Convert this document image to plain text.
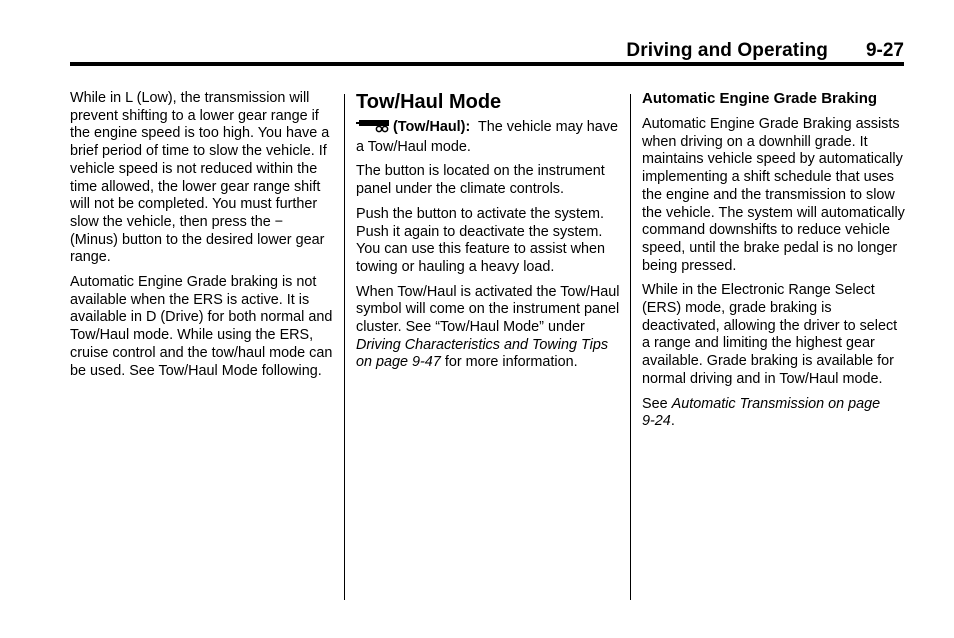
Driving and Operating 9-27

While in L (Low), the transmission will prevent shifting to a lower gear range if the engine speed is too high. You have a brief period of time to slow the vehicle. If vehicle speed is not reduced within the time allowed, the lower gear range shift will not be completed. You must further slow the vehicle, then press the − (Minus) button to the desired lower gear range.

Automatic Engine Grade braking is not available when the ERS is active. It is available in D (Drive) for both normal and Tow/Haul mode. While using the ERS, cruise control and the tow/haul mode can be used. See Tow/Haul Mode following.

Tow/Haul Mode

(Tow/Haul): The vehicle may have a Tow/Haul mode.

The button is located on the instrument panel under the climate controls.

Push the button to activate the system. Push it again to deactivate the system. You can use this feature to assist when towing or hauling a heavy load.

When Tow/Haul is activated the Tow/Haul symbol will come on the instrument panel cluster. See “Tow/Haul Mode” under Driving Characteristics and Towing Tips on page 9‑47 for more information.

Automatic Engine Grade Braking

Automatic Engine Grade Braking assists when driving on a downhill grade. It maintains vehicle speed by automatically implementing a shift schedule that uses the engine and the transmission to slow the vehicle. The system will automatically command downshifts to reduce vehicle speed, until the brake pedal is no longer being pressed.

While in the Electronic Range Select (ERS) mode, grade braking is deactivated, allowing the driver to select a range and limiting the highest gear available. Grade braking is available for normal driving and in Tow/Haul mode.

See Automatic Transmission on page 9‑24.
